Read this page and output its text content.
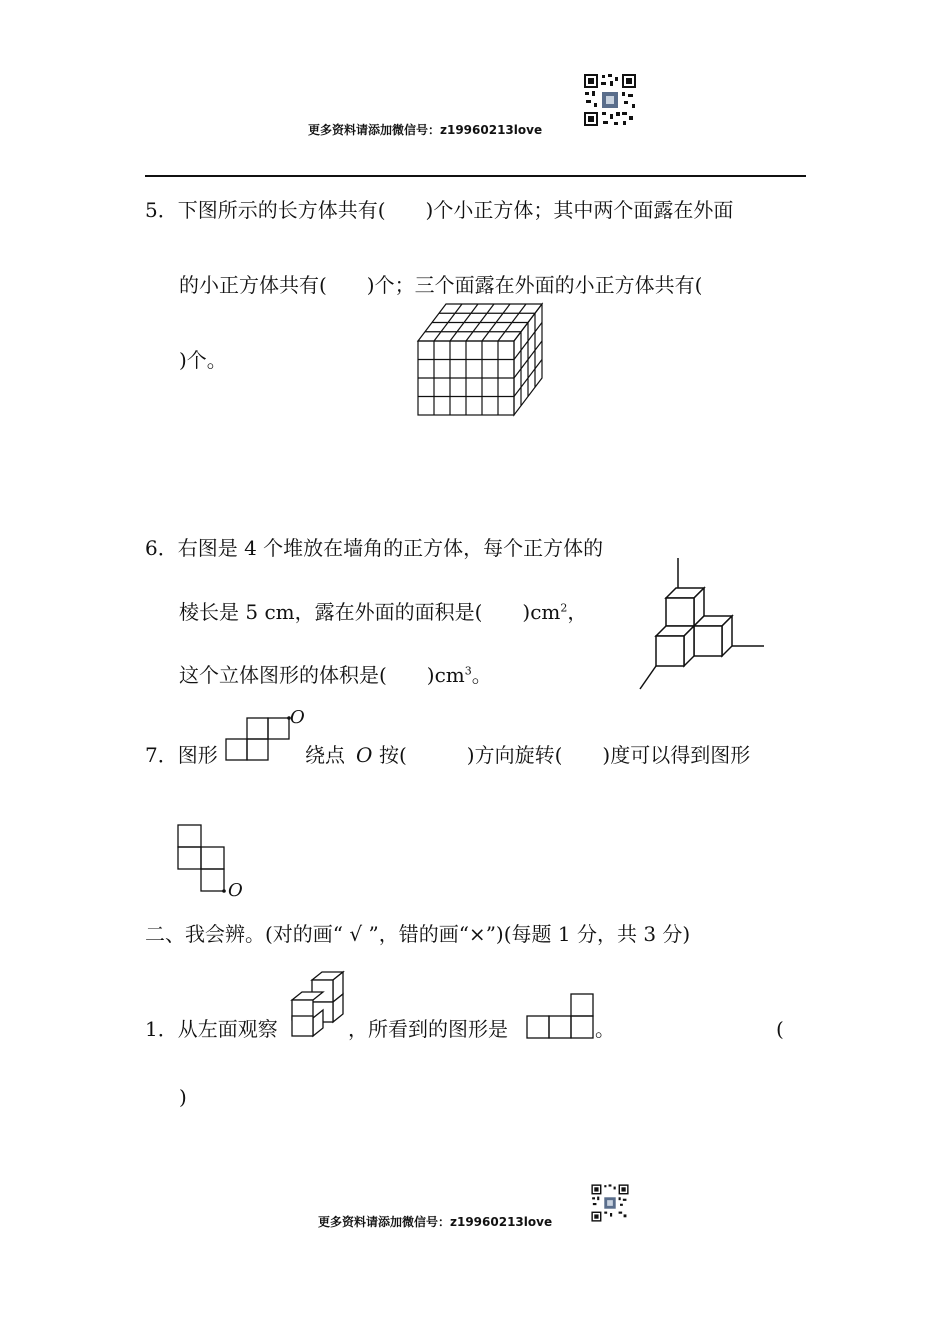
更多资料请添加微信号：z19960213love
5．下图所示的长方体共有(　　)个小正方体；其中两个面露在外面
的小正方体共有(　　)个；三个面露在外面的小正方体共有(
)个。
6．右图是 4 个堆放在墙角的正方体，每个正方体的
棱长是 5 cm，露在外面的面积是(　　)$cm^2$，
这个立体图形的体积是(　　)$cm^3$。
7．图形
O
绕点 O 按(　　　)方向旋转(　　)度可以得到图形
O
二、我会辨。(对的画“ √ ”，错的画“×”)(每题 1 分，共 3 分)
1．从左面观察	，所看到的图形是	。	(
)
更多资料请添加微信号：z19960213love
